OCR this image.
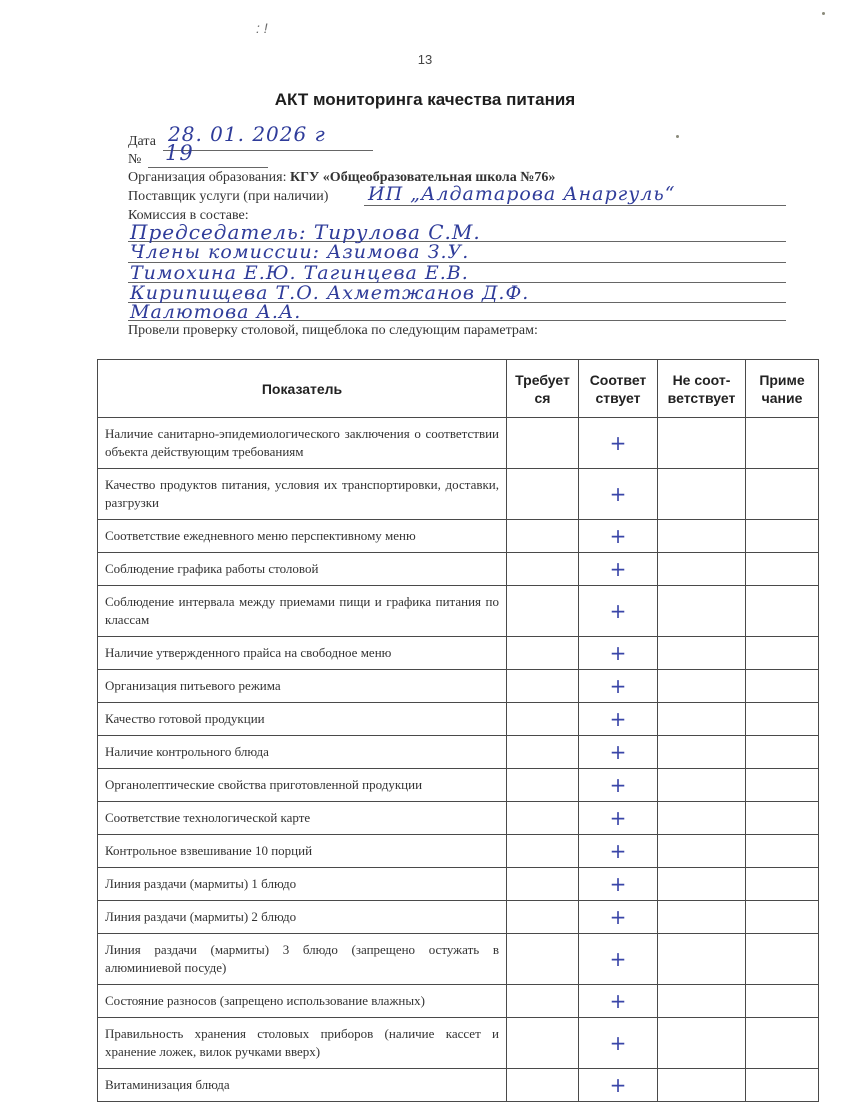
: !
13
АКТ мониторинга качества питания
Дата 28. 01. 2026 г
№ 19
Организация образования: КГУ «Общеобразовательная школа №76»
Поставщик услуги (при наличии) ИП „Алдатарова Анаргуль“
Комиссия в составе:
Председатель: Тирулова С.М.
Члены комиссии: Азимова З.У.
Тимохина Е.Ю. Тагинцева Е.В.
Кирипищева Т.О. Ахметжанов Д.Ф.
Малютова А.А.
Провели проверку столовой, пищеблока по следующим параметрам:
Показатель	Требует ся	Соответ ствует	Не соот- ветствует	Приме чание
Наличие санитарно-эпидемиологического заключения о соответствии объекта действующим требованиям		+		
Качество продуктов питания, условия их транспортировки, доставки, разгрузки		+		
Соответствие ежедневного меню перспективному меню		+		
Соблюдение графика работы столовой		+		
Соблюдение интервала между приемами пищи и графика питания по классам		+		
Наличие утвержденного прайса на свободное меню		+		
Организация питьевого режима		+		
Качество готовой продукции		+		
Наличие контрольного блюда		+		
Органолептические свойства приготовленной продукции		+		
Соответствие технологической карте		+		
Контрольное взвешивание 10 порций		+		
Линия раздачи (мармиты) 1 блюдо		+		
Линия раздачи (мармиты) 2 блюдо		+		
Линия раздачи (мармиты) 3 блюдо (запрещено остужать в алюминиевой посуде)		+		
Состояние разносов (запрещено использование влажных)		+		
Правильность хранения столовых приборов (наличие кассет и хранение ложек, вилок ручками вверх)		+		
Витаминизация блюда		+		
